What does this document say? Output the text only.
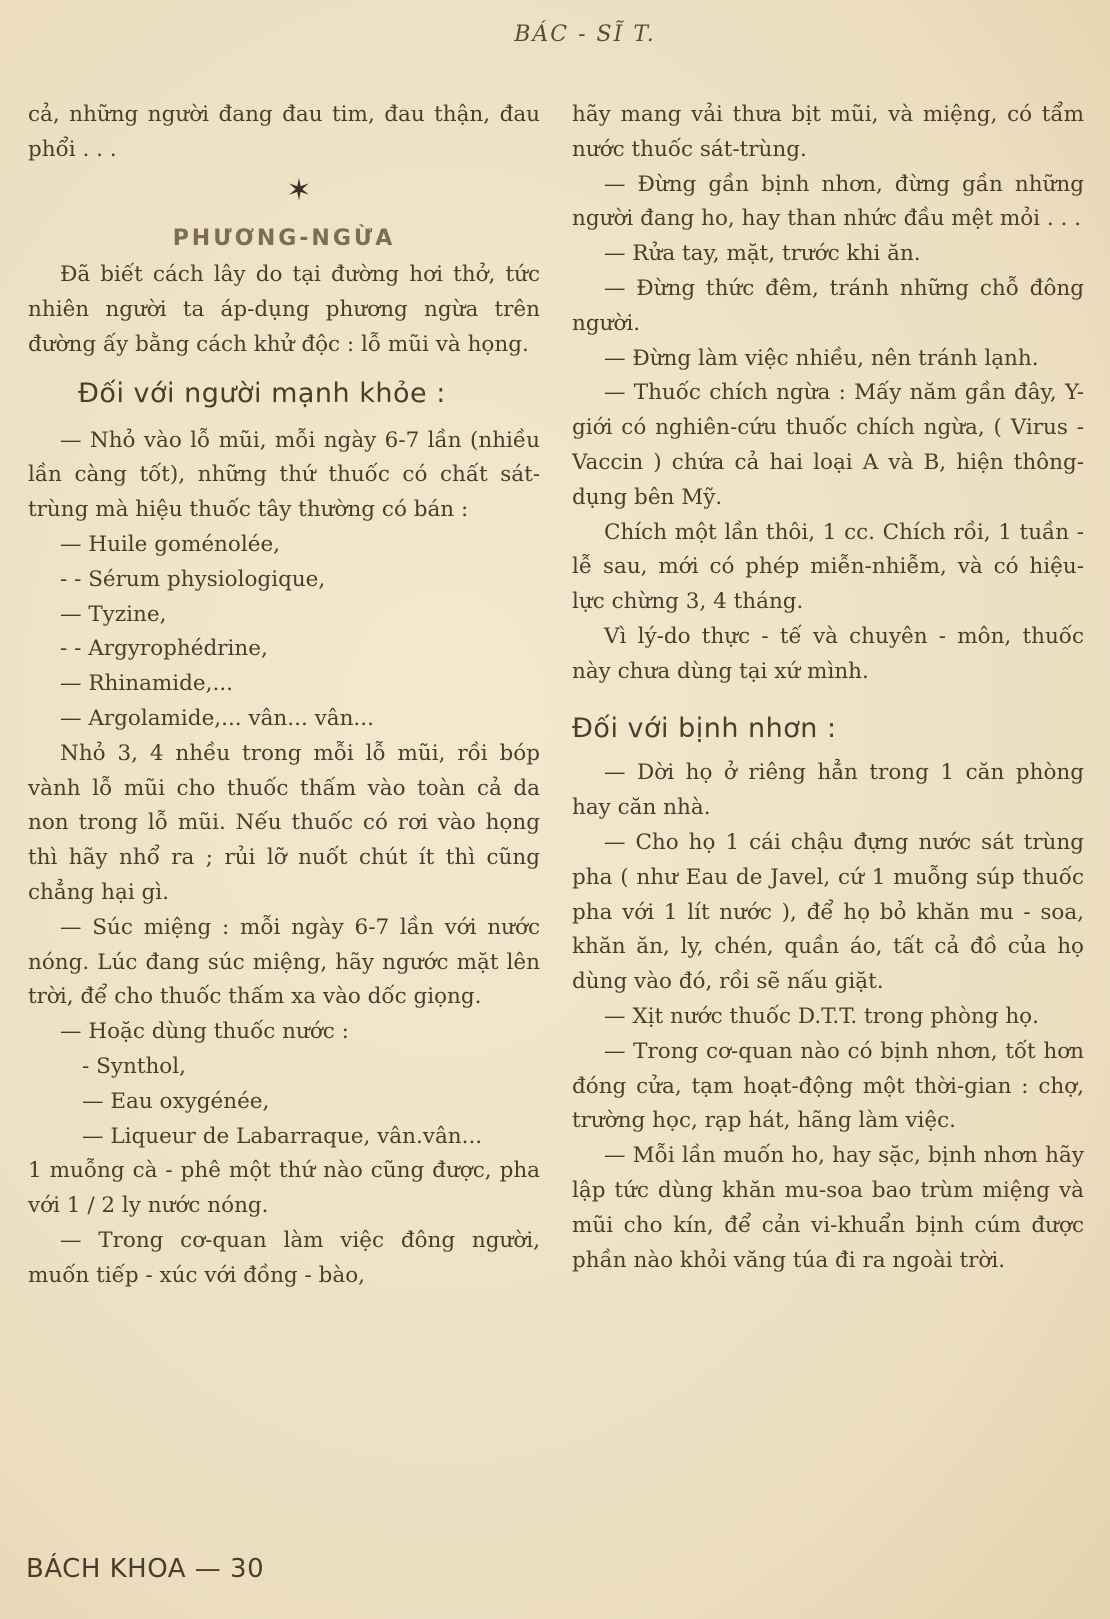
BÁC - SĨ T.

cả, những người đang đau tim, đau thận, đau phổi . . .

✶
PHƯƠNG-NGỪA

Đã biết cách lây do tại đường hơi thở, tức nhiên người ta áp-dụng phương ngừa trên đường ấy bằng cách khử độc : lỗ mũi và họng.

Đối với người mạnh khỏe :

— Nhỏ vào lỗ mũi, mỗi ngày 6-7 lần (nhiều lần càng tốt), những thứ thuốc có chất sát-trùng mà hiệu thuốc tây thường có bán :

— Huile goménolée,
- - Sérum physiologique,
— Tyzine,
- - Argyrophédrine,
— Rhinamide,...
— Argolamide,... vân... vân...

Nhỏ 3, 4 nhều trong mỗi lỗ mũi, rồi bóp vành lỗ mũi cho thuốc thấm vào toàn cả da non trong lỗ mũi. Nếu thuốc có rơi vào họng thì hãy nhổ ra ; rủi lỡ nuốt chút ít thì cũng chẳng hại gì.

— Súc miệng : mỗi ngày 6-7 lần với nước nóng. Lúc đang súc miệng, hãy ngước mặt lên trời, để cho thuốc thấm xa vào dốc giọng.

— Hoặc dùng thuốc nước :

- Synthol,
— Eau oxygénée,
— Liqueur de Labarraque, vân.vân...

1 muỗng cà - phê một thứ nào cũng được, pha với 1 / 2 ly nước nóng.

— Trong cơ-quan làm việc đông người, muốn tiếp - xúc với đồng - bào,

hãy mang vải thưa bịt mũi, và miệng, có tẩm nước thuốc sát-trùng.

— Đừng gần bịnh nhơn, đừng gần những người đang ho, hay than nhức đầu mệt mỏi . . .

— Rửa tay, mặt, trước khi ăn.

— Đừng thức đêm, tránh những chỗ đông người.

— Đừng làm việc nhiều, nên tránh lạnh.

— Thuốc chích ngừa : Mấy năm gần đây, Y-giới có nghiên-cứu thuốc chích ngừa, ( Virus - Vaccin ) chứa cả hai loại A và B, hiện thông-dụng bên Mỹ.

Chích một lần thôi, 1 cc. Chích rồi, 1 tuần - lễ sau, mới có phép miễn-nhiễm, và có hiệu-lực chừng 3, 4 tháng.

Vì lý-do thực - tế và chuyên - môn, thuốc này chưa dùng tại xứ mình.

Đối với bịnh nhơn :

— Dời họ ở riêng hẳn trong 1 căn phòng hay căn nhà.

— Cho họ 1 cái chậu đựng nước sát trùng pha ( như Eau de Javel, cứ 1 muỗng súp thuốc pha với 1 lít nước ), để họ bỏ khăn mu - soa, khăn ăn, ly, chén, quần áo, tất cả đồ của họ dùng vào đó, rồi sẽ nấu giặt.

— Xịt nước thuốc D.T.T. trong phòng họ.

— Trong cơ-quan nào có bịnh nhơn, tốt hơn đóng cửa, tạm hoạt-động một thời-gian : chợ, trường học, rạp hát, hãng làm việc.

— Mỗi lần muốn ho, hay sặc, bịnh nhơn hãy lập tức dùng khăn mu-soa bao trùm miệng và mũi cho kín, để cản vi-khuẩn bịnh cúm được phần nào khỏi văng túa đi ra ngoài trời.

BÁCH KHOA — 30
